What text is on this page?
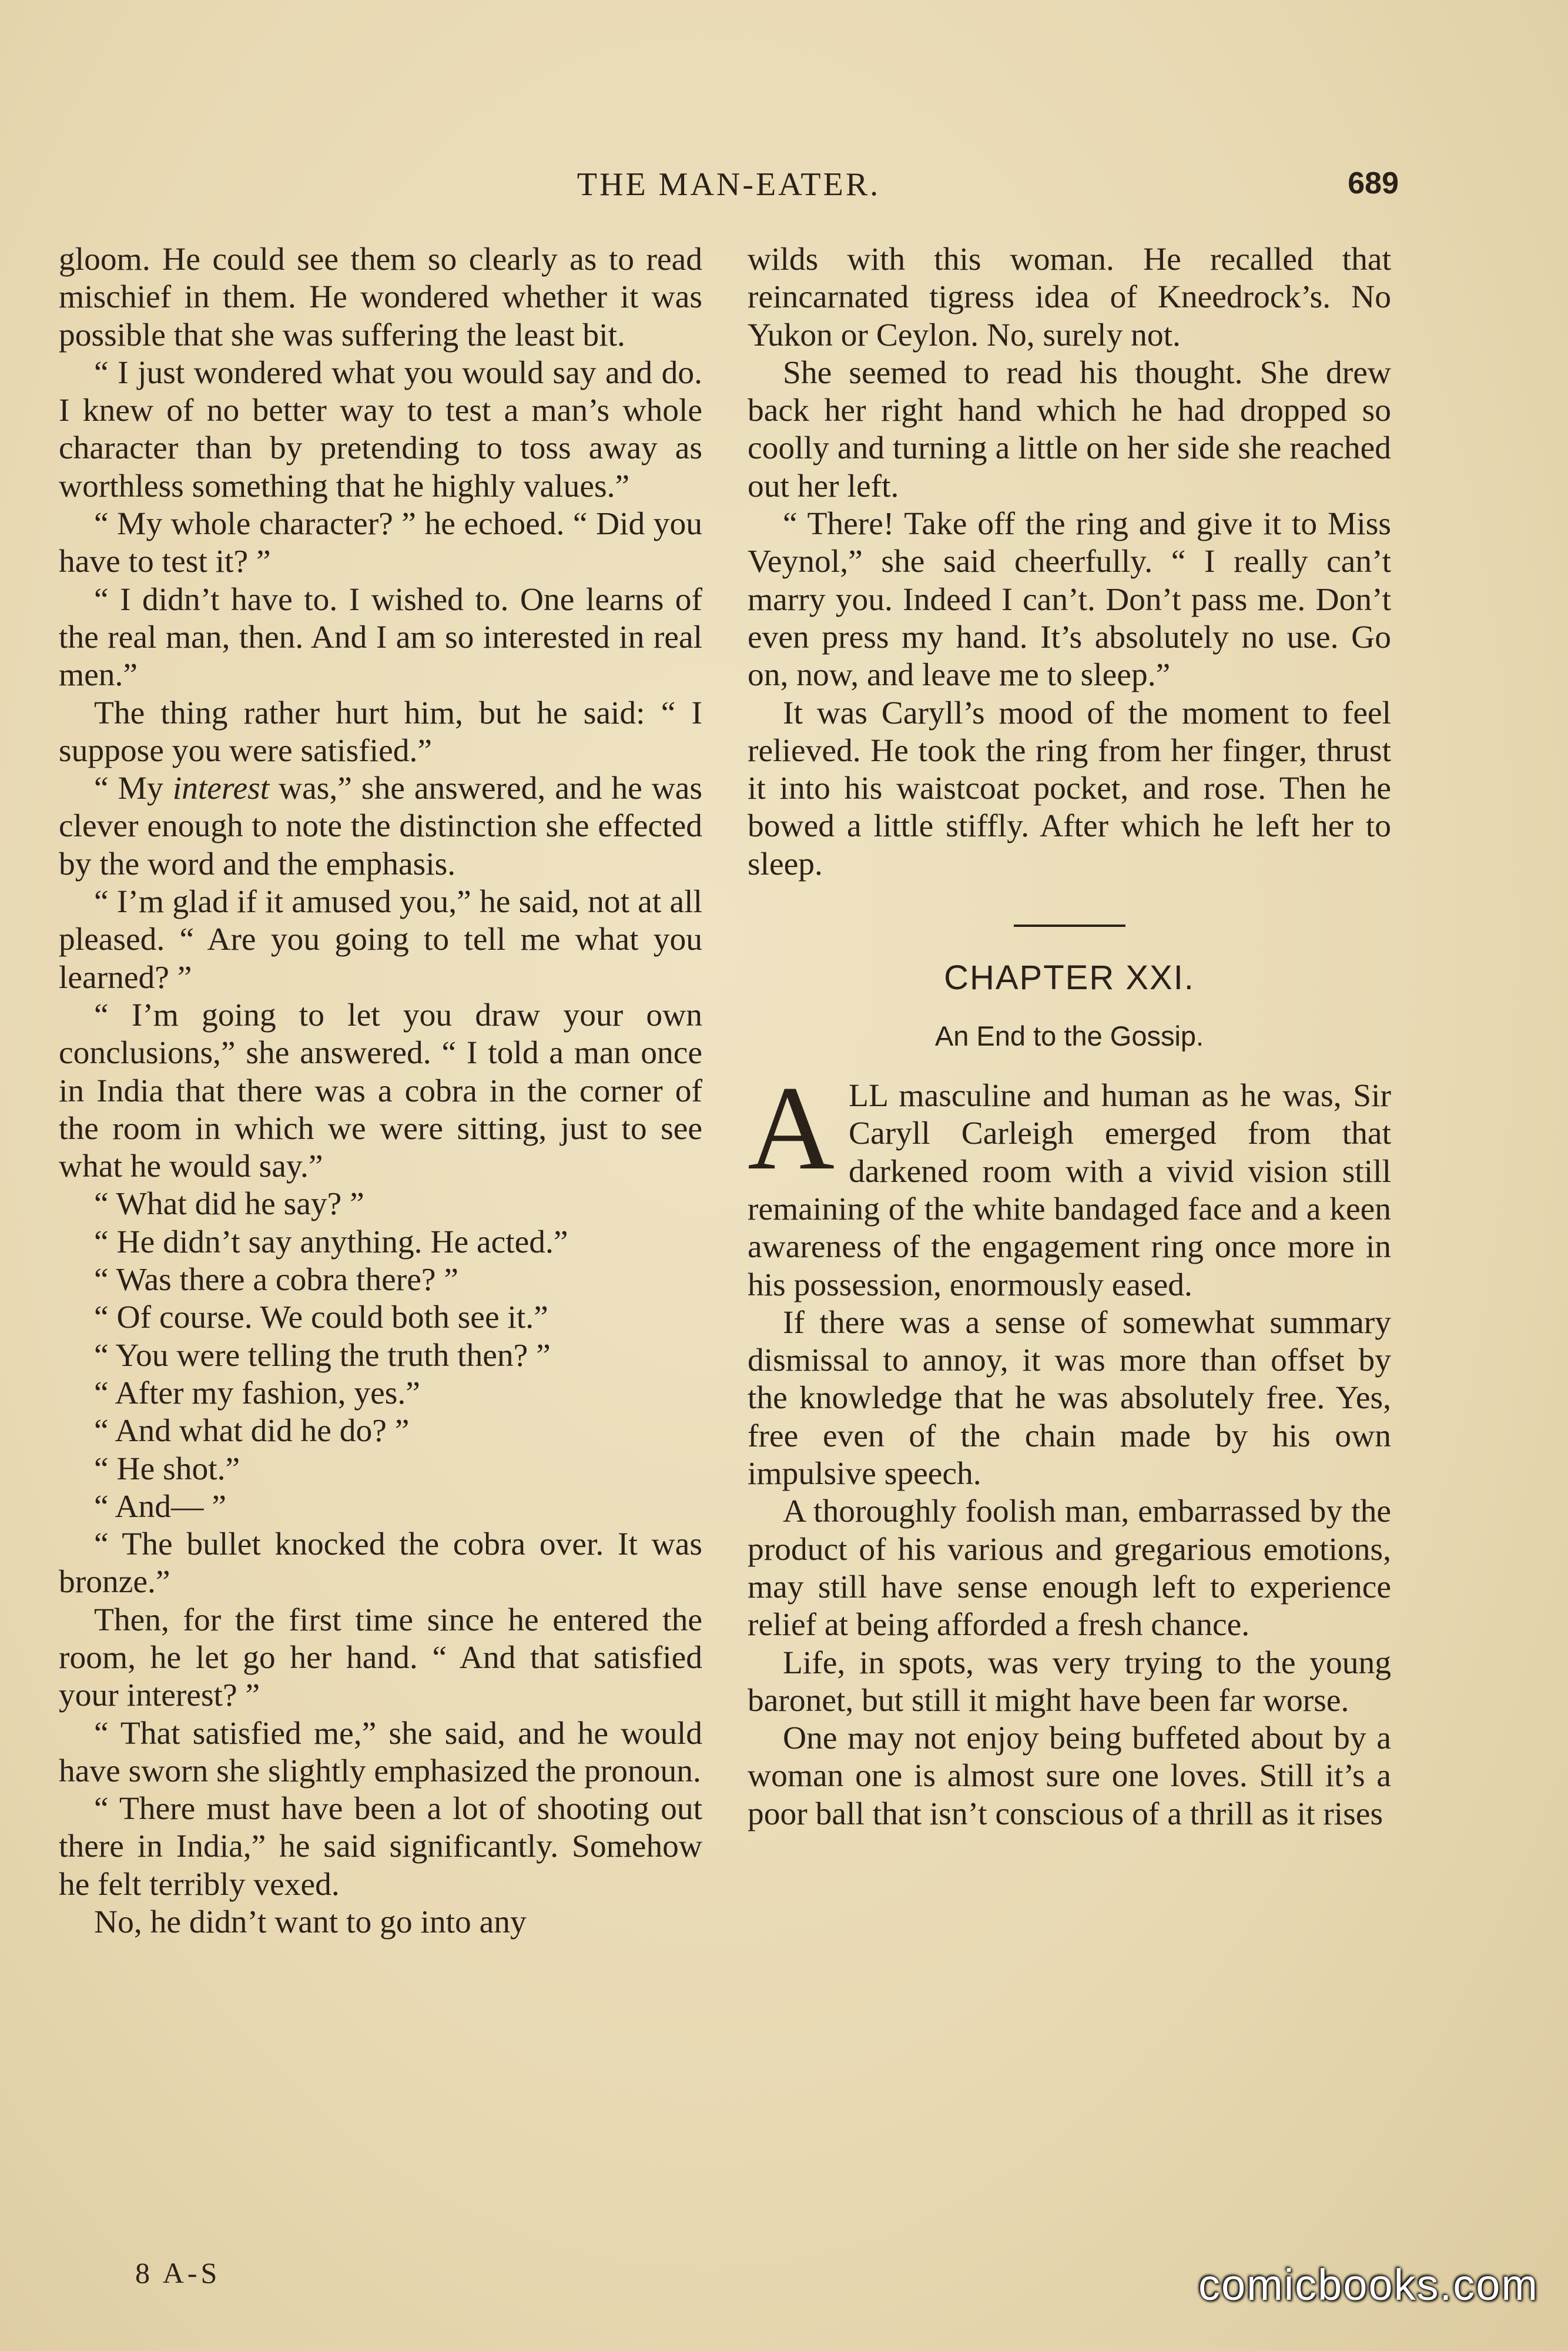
THE MAN-EATER.	689

gloom. He could see them so clearly as to read mischief in them. He wondered whether it was possible that she was suffering the least bit.

“ I just wondered what you would say and do. I knew of no better way to test a man’s whole character than by pretending to toss away as worthless something that he highly values.”

“ My whole character? ” he echoed. “ Did you have to test it? ”

“ I didn’t have to. I wished to. One learns of the real man, then. And I am so interested in real men.”

The thing rather hurt him, but he said: “ I suppose you were satisfied.”

“ My interest was,” she answered, and he was clever enough to note the distinction she effected by the word and the emphasis.

“ I’m glad if it amused you,” he said, not at all pleased. “ Are you going to tell me what you learned? ”

“ I’m going to let you draw your own conclusions,” she answered. “ I told a man once in India that there was a cobra in the corner of the room in which we were sitting, just to see what he would say.”

“ What did he say? ”

“ He didn’t say anything. He acted.”

“ Was there a cobra there? ”

“ Of course. We could both see it.”

“ You were telling the truth then? ”

“ After my fashion, yes.”

“ And what did he do? ”

“ He shot.”

“ And— ”

“ The bullet knocked the cobra over. It was bronze.”

Then, for the first time since he entered the room, he let go her hand. “ And that satisfied your interest? ”

“ That satisfied me,” she said, and he would have sworn she slightly emphasized the pronoun.

“ There must have been a lot of shooting out there in India,” he said significantly. Somehow he felt terribly vexed.

No, he didn’t want to go into any

wilds with this woman. He recalled that reincarnated tigress idea of Kneedrock’s. No Yukon or Ceylon. No, surely not.

She seemed to read his thought. She drew back her right hand which he had dropped so coolly and turning a little on her side she reached out her left.

“ There! Take off the ring and give it to Miss Veynol,” she said cheerfully. “ I really can’t marry you. Indeed I can’t. Don’t pass me. Don’t even press my hand. It’s absolutely no use. Go on, now, and leave me to sleep.”

It was Caryll’s mood of the moment to feel relieved. He took the ring from her finger, thrust it into his waistcoat pocket, and rose. Then he bowed a little stiffly. After which he left her to sleep.

CHAPTER XXI.
An End to the Gossip.

ALL masculine and human as he was, Sir Caryll Carleigh emerged from that darkened room with a vivid vision still remaining of the white bandaged face and a keen awareness of the engagement ring once more in his possession, enormously eased.

If there was a sense of somewhat summary dismissal to annoy, it was more than offset by the knowledge that he was absolutely free. Yes, free even of the chain made by his own impulsive speech.

A thoroughly foolish man, embarrassed by the product of his various and gregarious emotions, may still have sense enough left to experience relief at being afforded a fresh chance.

Life, in spots, was very trying to the young baronet, but still it might have been far worse.

One may not enjoy being buffeted about by a woman one is almost sure one loves. Still it’s a poor ball that isn’t conscious of a thrill as it rises

8 A-S	comicbooks.com
